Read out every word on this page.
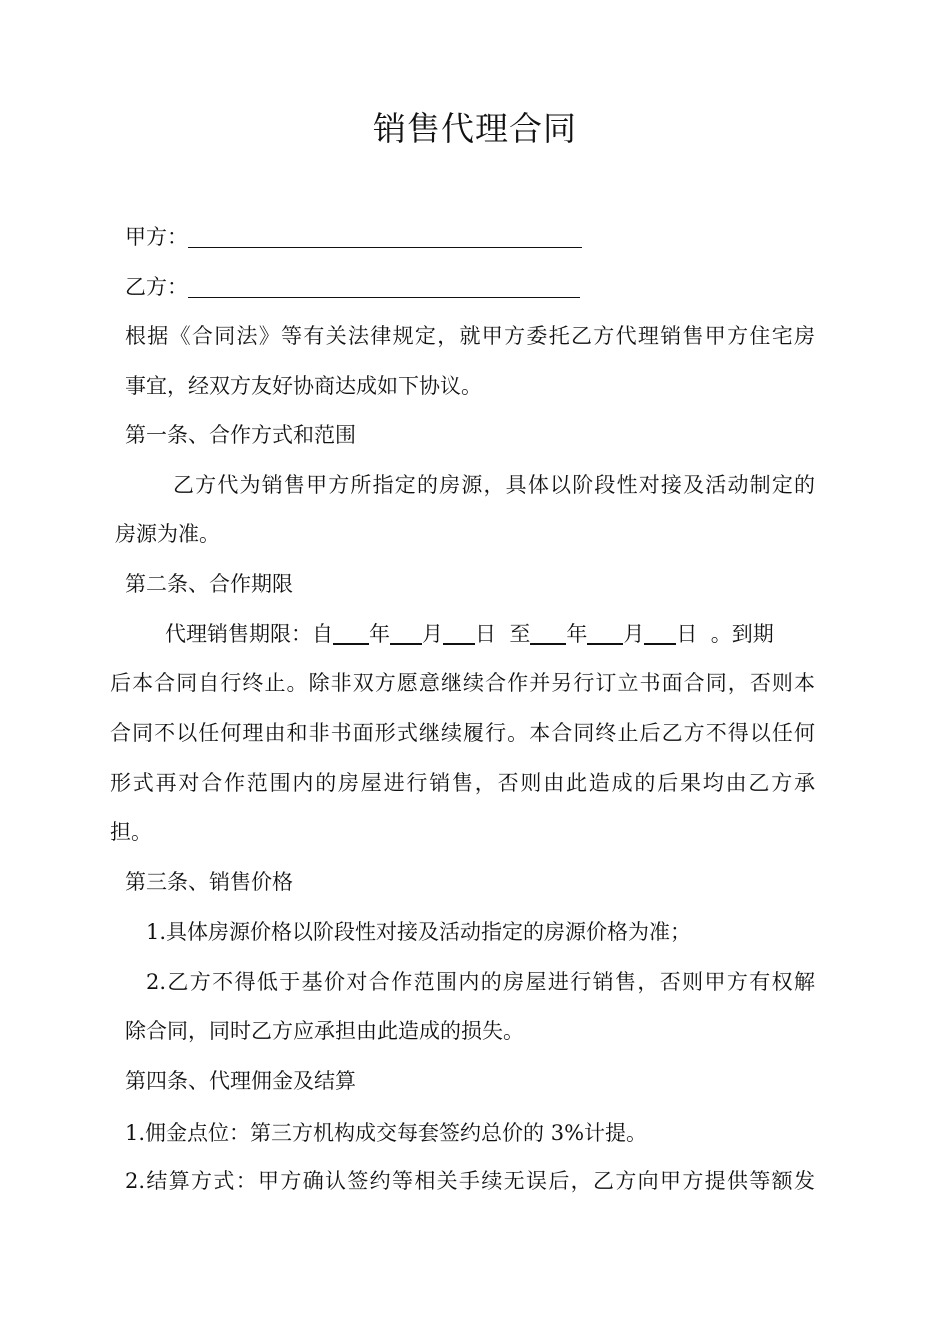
销售代理合同
甲方：
乙方：
根据《合同法》等有关法律规定，就甲方委托乙方代理销售甲方住宅房
事宜，经双方友好协商达成如下协议。
第一条、合作方式和范围
乙方代为销售甲方所指定的房源，具体以阶段性对接及活动制定的
房源为准。
第二条、合作期限
代理销售期限：自 年 月 日 至 年 月 日 。到期
后本合同自行终止。除非双方愿意继续合作并另行订立书面合同，否则本
合同不以任何理由和非书面形式继续履行。本合同终止后乙方不得以任何
形式再对合作范围内的房屋进行销售，否则由此造成的后果均由乙方承
担。
第三条、销售价格
1.具体房源价格以阶段性对接及活动指定的房源价格为准；
2.乙方不得低于基价对合作范围内的房屋进行销售，否则甲方有权解
除合同，同时乙方应承担由此造成的损失。
第四条、代理佣金及结算
1.佣金点位：第三方机构成交每套签约总价的 3%计提。
2.结算方式：甲方确认签约等相关手续无误后，乙方向甲方提供等额发
